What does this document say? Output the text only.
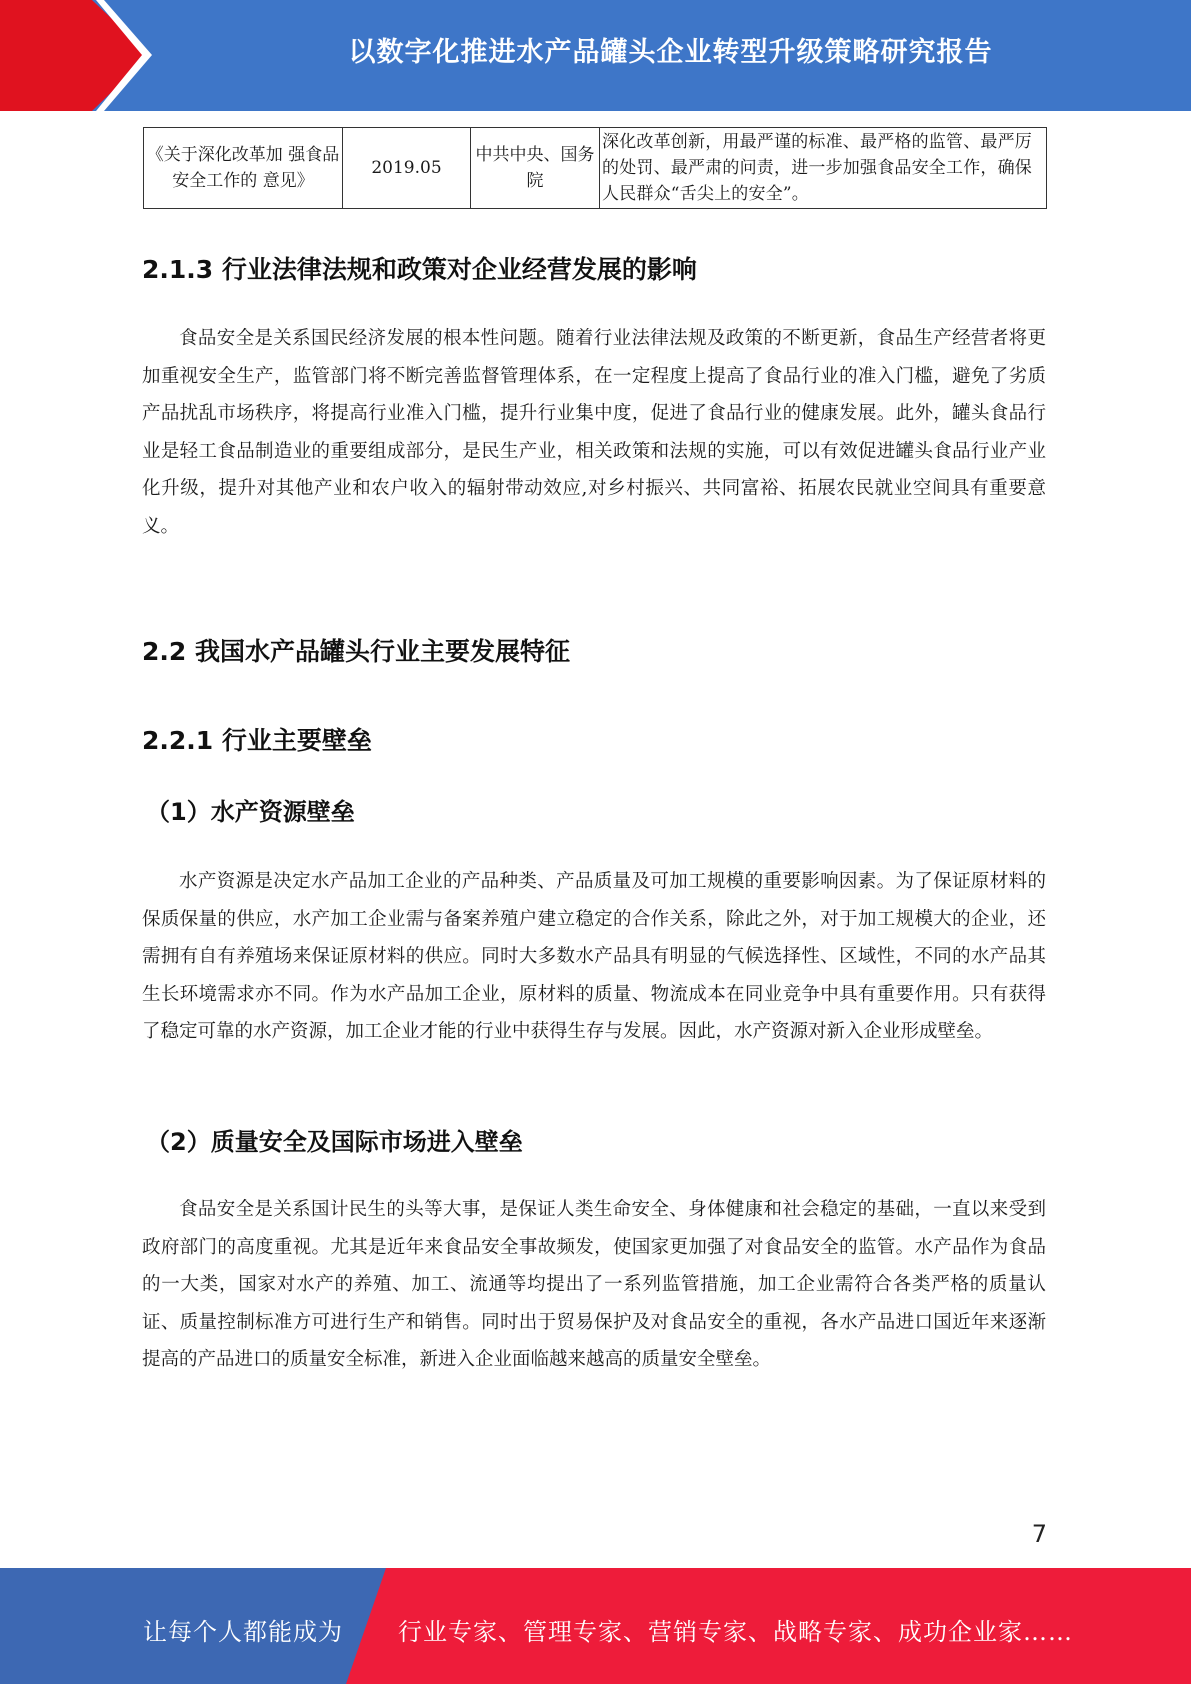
以数字化推进水产品罐头企业转型升级策略研究报告
《关于深化改革加 强食品安全工作的 意见》	2019.05	中共中央、国务院	深化改革创新，用最严谨的标准、最严格的监管、最严厉的处罚、最严肃的问责，进一步加强食品安全工作，确保人民群众“舌尖上的安全”。
2.1.3 行业法律法规和政策对企业经营发展的影响

食品安全是关系国民经济发展的根本性问题。随着行业法律法规及政策的不断更新，食品生产经营者将更加重视安全生产，监管部门将不断完善监督管理体系，在一定程度上提高了食品行业的准入门槛，避免了劣质产品扰乱市场秩序，将提高行业准入门槛，提升行业集中度，促进了食品行业的健康发展。此外，罐头食品行业是轻工食品制造业的重要组成部分，是民生产业，相关政策和法规的实施，可以有效促进罐头食品行业产业化升级，提升对其他产业和农户收入的辐射带动效应,对乡村振兴、共同富裕、拓展农民就业空间具有重要意义。

2.2 我国水产品罐头行业主要发展特征
2.2.1 行业主要壁垒
（1）水产资源壁垒

水产资源是决定水产品加工企业的产品种类、产品质量及可加工规模的重要影响因素。为了保证原材料的保质保量的供应，水产加工企业需与备案养殖户建立稳定的合作关系，除此之外，对于加工规模大的企业，还需拥有自有养殖场来保证原材料的供应。同时大多数水产品具有明显的气候选择性、区域性，不同的水产品其生长环境需求亦不同。作为水产品加工企业，原材料的质量、物流成本在同业竞争中具有重要作用。只有获得了稳定可靠的水产资源，加工企业才能的行业中获得生存与发展。因此，水产资源对新入企业形成壁垒。

（2）质量安全及国际市场进入壁垒

食品安全是关系国计民生的头等大事，是保证人类生命安全、身体健康和社会稳定的基础，一直以来受到政府部门的高度重视。尤其是近年来食品安全事故频发，使国家更加强了对食品安全的监管。水产品作为食品的一大类，国家对水产的养殖、加工、流通等均提出了一系列监管措施，加工企业需符合各类严格的质量认证、质量控制标准方可进行生产和销售。同时出于贸易保护及对食品安全的重视，各水产品进口国近年来逐渐提高的产品进口的质量安全标准，新进入企业面临越来越高的质量安全壁垒。

7
让每个人都能成为 行业专家、管理专家、营销专家、战略专家、成功企业家……
